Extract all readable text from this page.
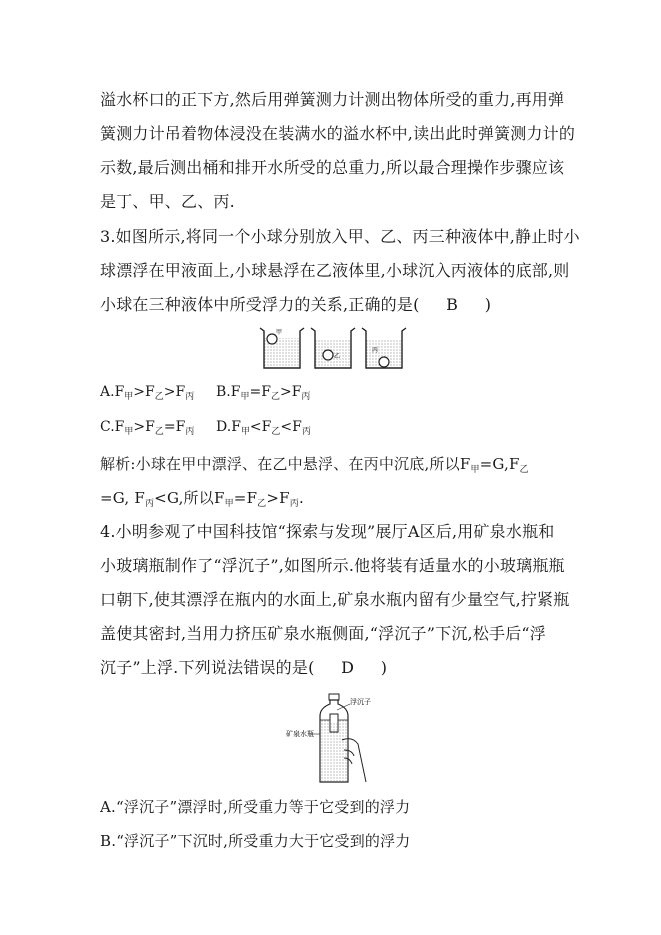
溢水杯口的正下方,然后用弹簧测力计测出物体所受的重力,再用弹
簧测力计吊着物体浸没在装满水的溢水杯中,读出此时弹簧测力计的
示数,最后测出桶和排开水所受的总重力,所以最合理操作步骤应该
是丁、甲、乙、丙.
3.如图所示,将同一个小球分别放入甲、乙、丙三种液体中,静止时小
球漂浮在甲液面上,小球悬浮在乙液体里,小球沉入丙液体的底部,则
小球在三种液体中所受浮力的关系,正确的是( B )
甲
乙
丙
$A.F_甲>F_乙>F_丙$ $B.F_甲=F_乙>F_丙$
$C.F_甲>F_乙=F_丙$ $D.F_甲<F_乙<F_丙$
解析:小球在甲中漂浮、在乙中悬浮、在丙中沉底,所以$F_甲=G,F_乙$
=G, $F_丙<G$,所以$F_甲=F_乙>F_丙$.
4.小明参观了中国科技馆“探索与发现”展厅A区后,用矿泉水瓶和
小玻璃瓶制作了“浮沉子”,如图所示.他将装有适量水的小玻璃瓶瓶
口朝下,使其漂浮在瓶内的水面上,矿泉水瓶内留有少量空气,拧紧瓶
盖使其密封,当用力挤压矿泉水瓶侧面,“浮沉子”下沉,松手后“浮
沉子”上浮.下列说法错误的是( D )
浮沉子
矿泉水瓶
A.“浮沉子”漂浮时,所受重力等于它受到的浮力
B.“浮沉子”下沉时,所受重力大于它受到的浮力
